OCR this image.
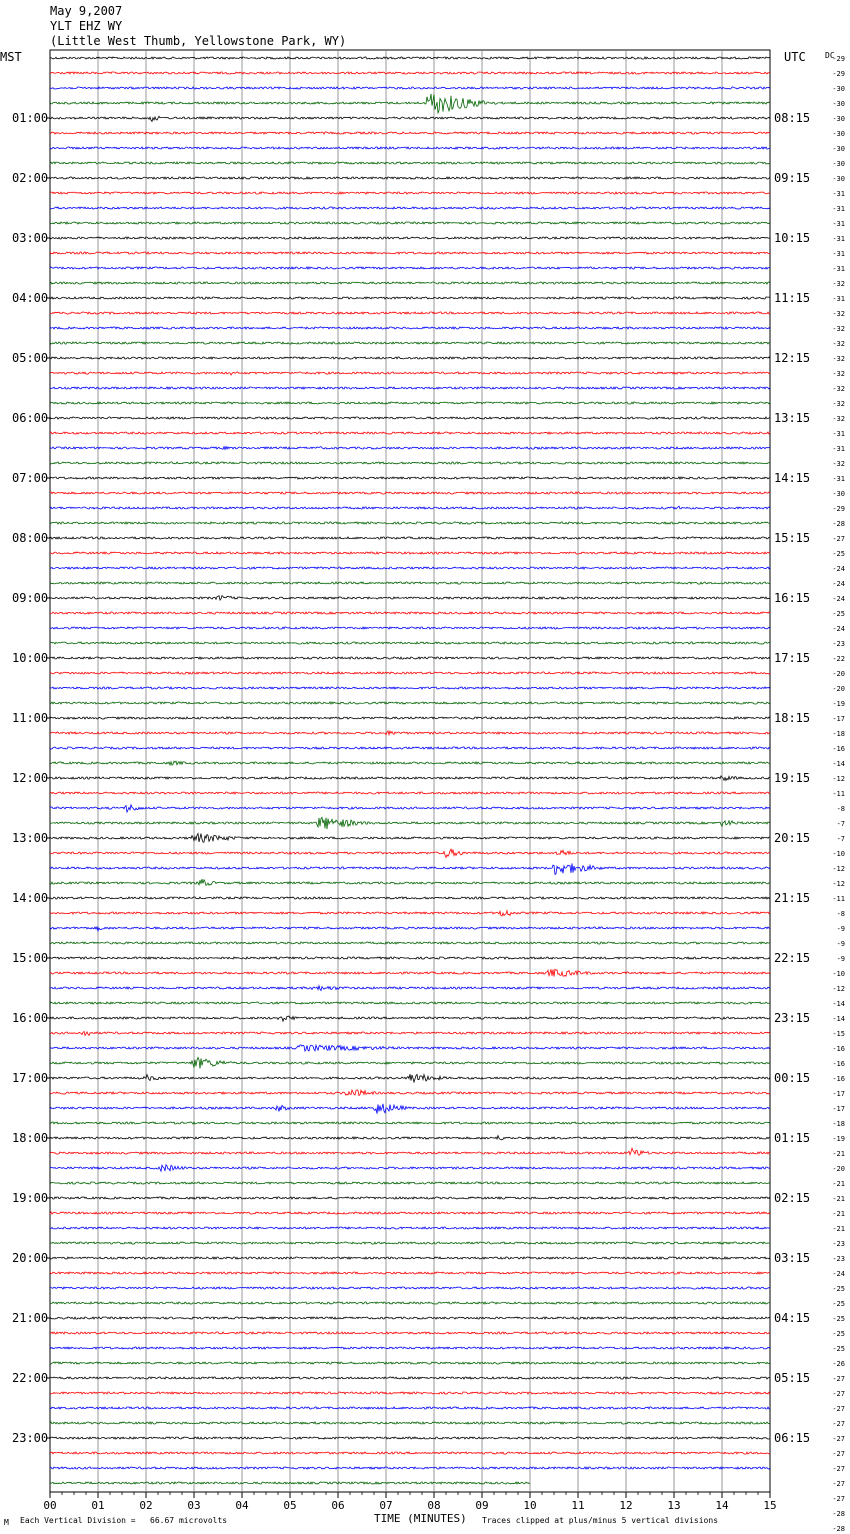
May 9,2007
YLT EHZ WY
(Little West Thumb, Yellowstone Park, WY)
MST	UTC DC
00	01	02	03	04	05	06	07	08	09	10	11	12	13	14	15
01:00
02:00
03:00
04:00
05:00
06:00
07:00
08:00
09:00
10:00
11:00
12:00
13:00
14:00
15:00
16:00
17:00
18:00
19:00
20:00
21:00
22:00
23:00
08:15
09:15
10:15
11:15
12:15
13:15
14:15
15:15
16:15
17:15
18:15
19:15
20:15
21:15
22:15
23:15
00:15
01:15
02:15
03:15
04:15
05:15
06:15
-29
-29
-30
-30
-30
-30
-30
-30
-30
-31
-31
-31
-31
-31
-31
-32
-31
-32
-32
-32
-32
-32
-32
-32
-32
-31
-31
-32
-31
-30
-29
-28
-27
-25
-24
-24
-24
-25
-24
-23
-22
-20
-20
-19
-17
-18
-16
-14
-12
-11
-8
-7
-7
-10
-12
-12
-11
-8
-9
-9
-9
-10
-12
-14
-14
-15
-16
-16
-16
-17
-17
-18
-19
-21
-20
-21
-21
-21
-21
-23
-23
-24
-25
-25
-25
-25
-25
-26
-27
-27
-27
-27
-27
-27
-27
-27
-27
-28
-28
M Each Vertical Division =   66.67 microvolts	TIME (MINUTES) Traces clipped at plus/minus 5 vertical divisions
